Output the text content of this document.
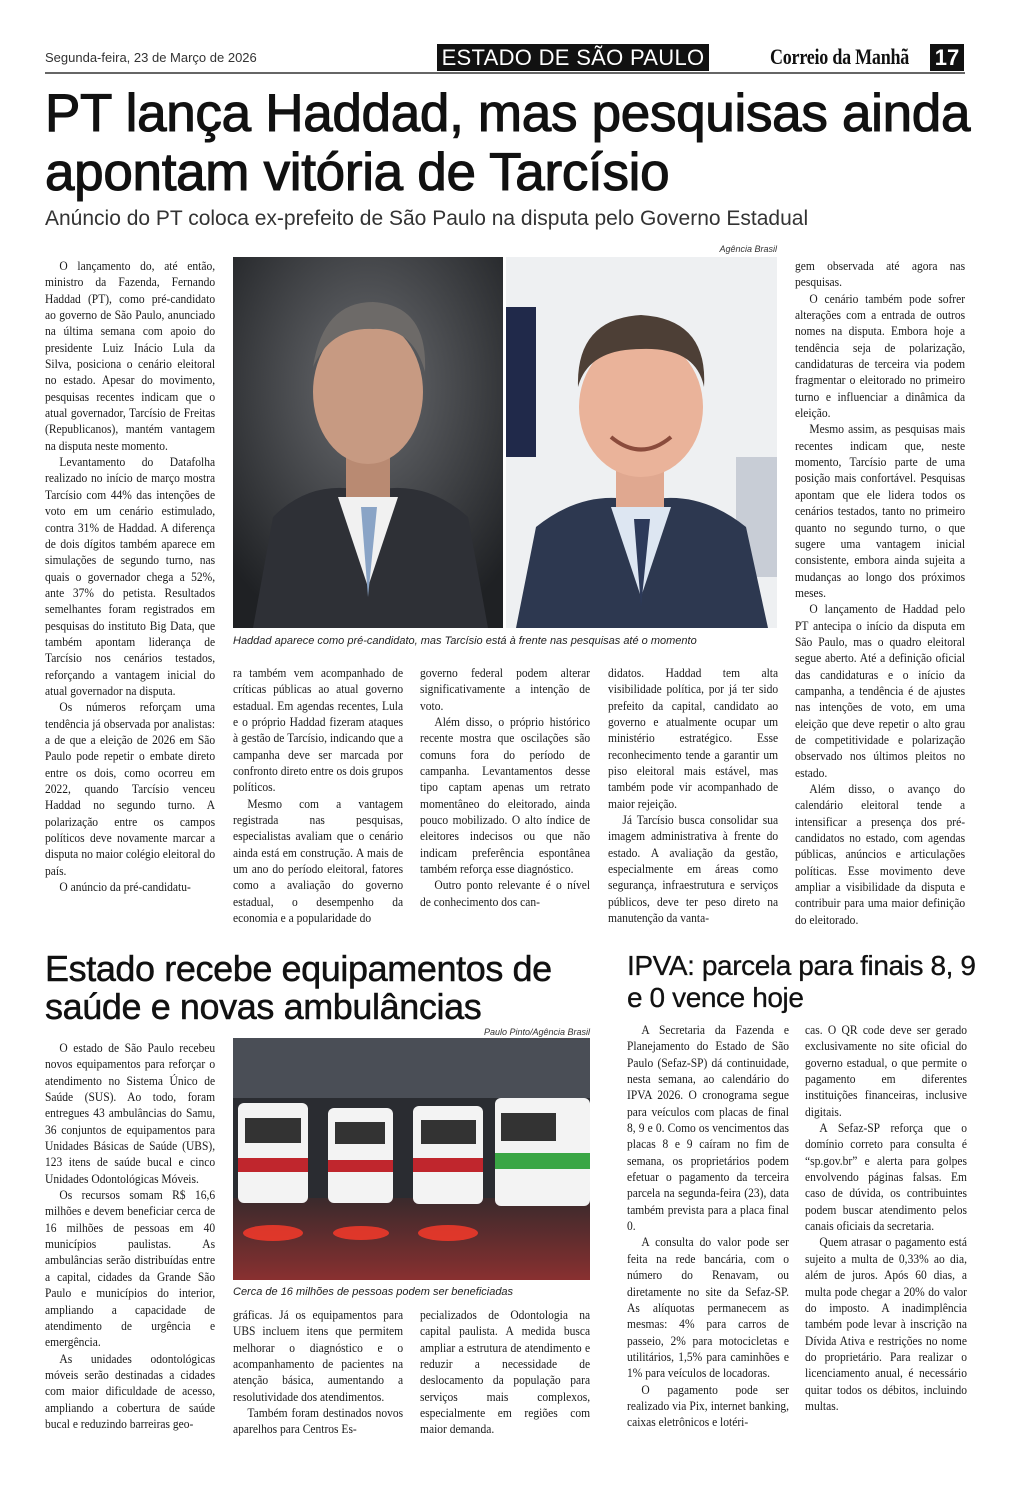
Segunda-feira, 23 de Março de 2026	ESTADO DE SÃO PAULO	Correio da Manhã 17
PT lança Haddad, mas pesquisas ainda apontam vitória de Tarcísio
Anúncio do PT coloca ex-prefeito de São Paulo na disputa pelo Governo Estadual
Agência Brasil
Haddad aparece como pré-candidato, mas Tarcísio está à frente nas pesquisas até o momento

O lançamento do, até então, ministro da Fazenda, Fernando Haddad (PT), como pré-candidato ao governo de São Paulo, anunciado na última semana com apoio do presidente Luiz Inácio Lula da Silva, posiciona o cenário eleitoral no estado. Apesar do movimento, pesquisas recentes indicam que o atual governador, Tarcísio de Freitas (Republicanos), mantém vantagem na disputa neste momento.

Levantamento do Datafolha realizado no início de março mostra Tarcísio com 44% das intenções de voto em um cenário estimulado, contra 31% de Haddad. A diferença de dois dígitos também aparece em simulações de segundo turno, nas quais o governador chega a 52%, ante 37% do petista. Resultados semelhantes foram registrados em pesquisas do instituto Big Data, que também apontam liderança de Tarcísio nos cenários testados, reforçando a vantagem inicial do atual governador na disputa.

Os números reforçam uma tendência já observada por analistas: a de que a eleição de 2026 em São Paulo pode repetir o embate direto entre os dois, como ocorreu em 2022, quando Tarcísio venceu Haddad no segundo turno. A polarização entre os campos políticos deve novamente marcar a disputa no maior colégio eleitoral do país.

O anúncio da pré-candidatu-

ra também vem acompanhado de críticas públicas ao atual governo estadual. Em agendas recentes, Lula e o próprio Haddad fizeram ataques à gestão de Tarcísio, indicando que a campanha deve ser marcada por confronto direto entre os dois grupos políticos.

Mesmo com a vantagem registrada nas pesquisas, especialistas avaliam que o cenário ainda está em construção. A mais de um ano do período eleitoral, fatores como a avaliação do governo estadual, o desempenho da economia e a popularidade do

governo federal podem alterar significativamente a intenção de voto.

Além disso, o próprio histórico recente mostra que oscilações são comuns fora do período de campanha. Levantamentos desse tipo captam apenas um retrato momentâneo do eleitorado, ainda pouco mobilizado. O alto índice de eleitores indecisos ou que não indicam preferência espontânea também reforça esse diagnóstico.

Outro ponto relevante é o nível de conhecimento dos can-

didatos. Haddad tem alta visibilidade política, por já ter sido prefeito da capital, candidato ao governo e atualmente ocupar um ministério estratégico. Esse reconhecimento tende a garantir um piso eleitoral mais estável, mas também pode vir acompanhado de maior rejeição.

Já Tarcísio busca consolidar sua imagem administrativa à frente do estado. A avaliação da gestão, especialmente em áreas como segurança, infraestrutura e serviços públicos, deve ter peso direto na manutenção da vanta-

gem observada até agora nas pesquisas.

O cenário também pode sofrer alterações com a entrada de outros nomes na disputa. Embora hoje a tendência seja de polarização, candidaturas de terceira via podem fragmentar o eleitorado no primeiro turno e influenciar a dinâmica da eleição.

Mesmo assim, as pesquisas mais recentes indicam que, neste momento, Tarcísio parte de uma posição mais confortável. Pesquisas apontam que ele lidera todos os cenários testados, tanto no primeiro quanto no segundo turno, o que sugere uma vantagem inicial consistente, embora ainda sujeita a mudanças ao longo dos próximos meses.

O lançamento de Haddad pelo PT antecipa o início da disputa em São Paulo, mas o quadro eleitoral segue aberto. Até a definição oficial das candidaturas e o início da campanha, a tendência é de ajustes nas intenções de voto, em uma eleição que deve repetir o alto grau de competitividade e polarização observado nos últimos pleitos no estado.

Além disso, o avanço do calendário eleitoral tende a intensificar a presença dos pré-candidatos no estado, com agendas públicas, anúncios e articulações políticas. Esse movimento deve ampliar a visibilidade da disputa e contribuir para uma maior definição do eleitorado.

Estado recebe equipamentos de saúde e novas ambulâncias
Paulo Pinto/Agência Brasil
Cerca de 16 milhões de pessoas podem ser beneficiadas

O estado de São Paulo recebeu novos equipamentos para reforçar o atendimento no Sistema Único de Saúde (SUS). Ao todo, foram entregues 43 ambulâncias do Samu, 36 conjuntos de equipamentos para Unidades Básicas de Saúde (UBS), 123 itens de saúde bucal e cinco Unidades Odontológicas Móveis.

Os recursos somam R$ 16,6 milhões e devem beneficiar cerca de 16 milhões de pessoas em 40 municípios paulistas. As ambulâncias serão distribuídas entre a capital, cidades da Grande São Paulo e municípios do interior, ampliando a capacidade de atendimento de urgência e emergência.

As unidades odontológicas móveis serão destinadas a cidades com maior dificuldade de acesso, ampliando a cobertura de saúde bucal e reduzindo barreiras geo-

gráficas. Já os equipamentos para UBS incluem itens que permitem melhorar o diagnóstico e o acompanhamento de pacientes na atenção básica, aumentando a resolutividade dos atendimentos.

Também foram destinados novos aparelhos para Centros Es-

pecializados de Odontologia na capital paulista. A medida busca ampliar a estrutura de atendimento e reduzir a necessidade de deslocamento da população para serviços mais complexos, especialmente em regiões com maior demanda.

IPVA: parcela para finais 8, 9 e 0 vence hoje

A Secretaria da Fazenda e Planejamento do Estado de São Paulo (Sefaz-SP) dá continuidade, nesta semana, ao calendário do IPVA 2026. O cronograma segue para veículos com placas de final 8, 9 e 0. Como os vencimentos das placas 8 e 9 caíram no fim de semana, os proprietários podem efetuar o pagamento da terceira parcela na segunda-feira (23), data também prevista para a placa final 0.

A consulta do valor pode ser feita na rede bancária, com o número do Renavam, ou diretamente no site da Sefaz-SP. As alíquotas permanecem as mesmas: 4% para carros de passeio, 2% para motocicletas e utilitários, 1,5% para caminhões e 1% para veículos de locadoras.

O pagamento pode ser realizado via Pix, internet banking, caixas eletrônicos e lotéri-

cas. O QR code deve ser gerado exclusivamente no site oficial do governo estadual, o que permite o pagamento em diferentes instituições financeiras, inclusive digitais.

A Sefaz-SP reforça que o domínio correto para consulta é “sp.gov.br” e alerta para golpes envolvendo páginas falsas. Em caso de dúvida, os contribuintes podem buscar atendimento pelos canais oficiais da secretaria.

Quem atrasar o pagamento está sujeito a multa de 0,33% ao dia, além de juros. Após 60 dias, a multa pode chegar a 20% do valor do imposto. A inadimplência também pode levar à inscrição na Dívida Ativa e restrições no nome do proprietário. Para realizar o licenciamento anual, é necessário quitar todos os débitos, incluindo multas.
